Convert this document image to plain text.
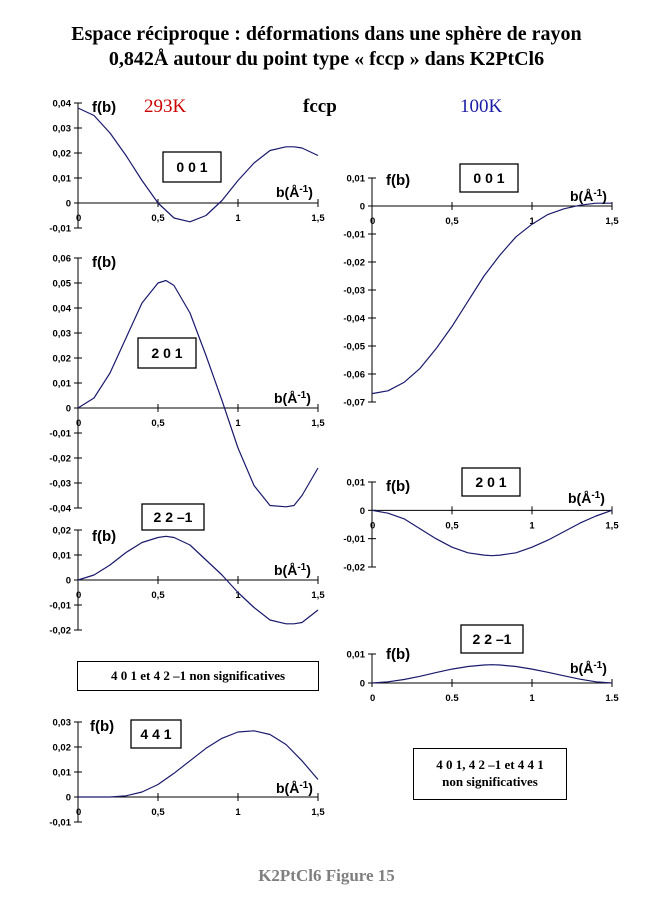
Espace réciproque : déformations dans une sphère de rayon
0,842Å autour du point type « fccp » dans K2PtCl6
293K	fccp	100K
-0,01
0
0,01
0,02
0,03
0,04
0	0,5	1	1,5
f(b)
$b(Å^{-1})$
0 0 1
-0,04
-0,03
-0,02
-0,01
0
0,01
0,02
0,03
0,04
0,05
0,06
0	0,5	1	1,5
f(b)
$b(Å^{-1})$
2 0 1
-0,02
-0,01
0
0,01
0,02
0	0,5	1	1,5
f(b)
$b(Å^{-1})$
2 2 –1
-0,01
0
0,01
0,02
0,03
0	0,5	1	1,5
f(b)
$b(Å^{-1})$
4 4 1
-0,07
-0,06
-0,05
-0,04
-0,03
-0,02
-0,01
0
0,01
0	0,5	1	1,5
f(b)
$b(Å^{-1})$
0 0 1
-0,02
-0,01
0
0,01
0	0,5	1	1,5
f(b)
$b(Å^{-1})$
2 0 1
0
0,01
0	0.5	1	1.5
f(b)
$b(Å^{-1})$
2 2 –1
4 0 1 et 4 2 –1 non significatives
4 0 1, 4 2 –1 et 4 4 1
non significatives
K2PtCl6 Figure 15
